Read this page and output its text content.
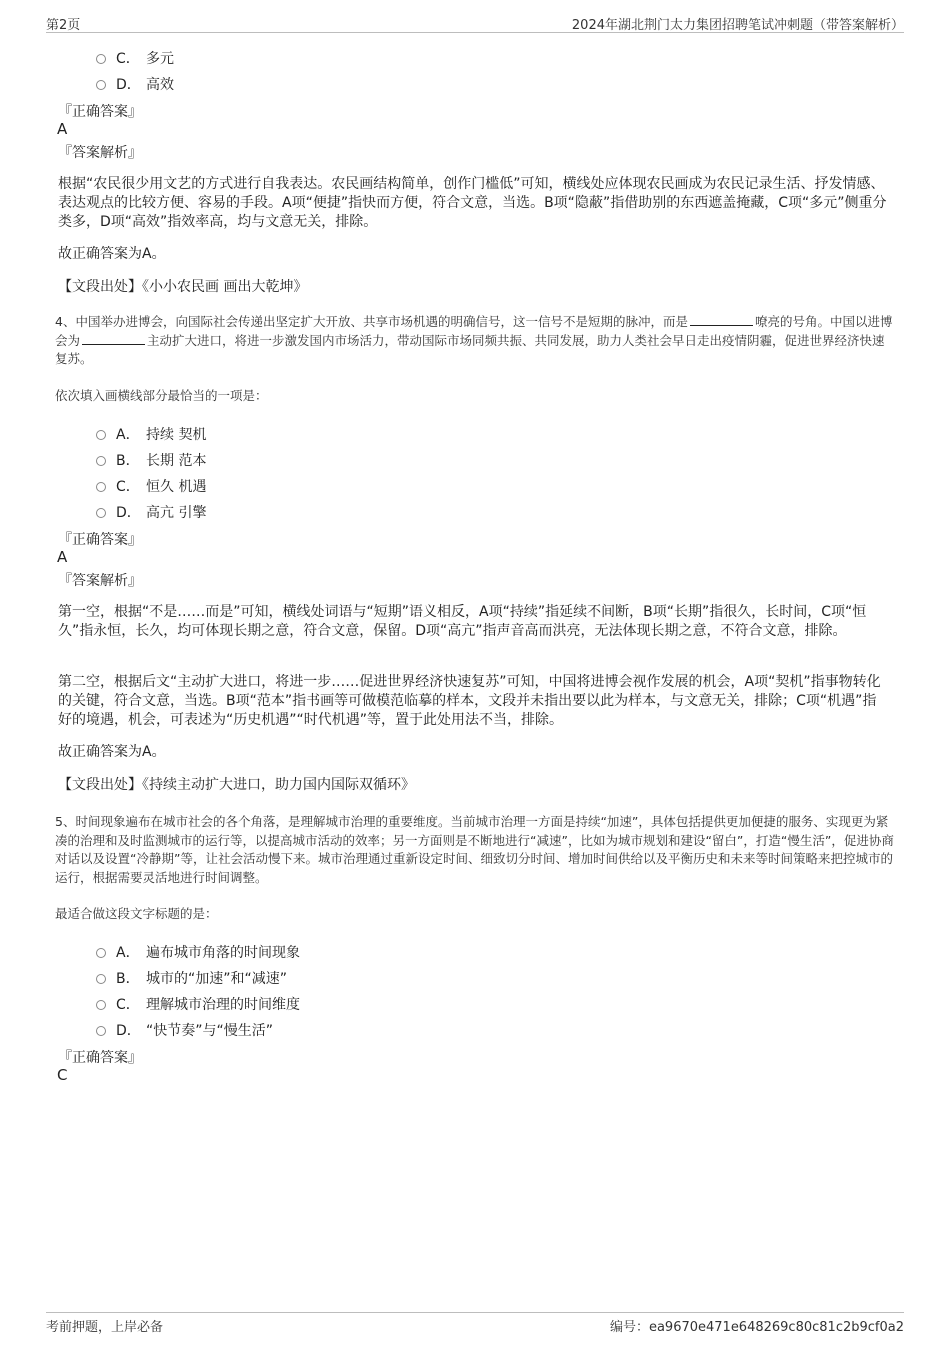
第2页	2024年湖北荆门太力集团招聘笔试冲刺题（带答案解析）
C． 多元
D． 高效
『正确答案』
A
『答案解析』
根据“农民很少用文艺的方式进行自我表达。农民画结构简单，创作门槛低”可知，横线处应体现农民画成为农民记录生活、抒发情感、表达观点的比较方便、容易的手段。A项“便捷”指快而方便，符合文意，当选。B项“隐蔽”指借助别的东西遮盖掩藏，C项“多元”侧重分类多，D项“高效”指效率高，均与文意无关，排除。
故正确答案为A。
【文段出处】《小小农民画 画出大乾坤》
4、中国举办进博会，向国际社会传递出坚定扩大开放、共享市场机遇的明确信号，这一信号不是短期的脉冲，而是	嘹亮的号角。中国以进博会为	主动扩大进口，将进一步激发国内市场活力，带动国际市场同频共振、共同发展，助力人类社会早日走出疫情阴霾，促进世界经济快速复苏。
依次填入画横线部分最恰当的一项是：
A． 持续 契机
B． 长期 范本
C． 恒久 机遇
D． 高亢 引擎
『正确答案』
A
『答案解析』
第一空，根据“不是……而是”可知，横线处词语与“短期”语义相反，A项“持续”指延续不间断，B项“长期”指很久，长时间，C项“恒久”指永恒，长久，均可体现长期之意，符合文意，保留。D项“高亢”指声音高而洪亮，无法体现长期之意，不符合文意，排除。
第二空，根据后文“主动扩大进口，将进一步……促进世界经济快速复苏”可知，中国将进博会视作发展的机会，A项“契机”指事物转化的关键，符合文意，当选。B项“范本”指书画等可做模范临摹的样本，文段并未指出要以此为样本，与文意无关，排除；C项“机遇”指好的境遇，机会，可表述为“历史机遇”“时代机遇”等，置于此处用法不当，排除。
故正确答案为A。
【文段出处】《持续主动扩大进口，助力国内国际双循环》
5、时间现象遍布在城市社会的各个角落，是理解城市治理的重要维度。当前城市治理一方面是持续“加速”，具体包括提供更加便捷的服务、实现更为紧凑的治理和及时监测城市的运行等，以提高城市活动的效率；另一方面则是不断地进行“减速”，比如为城市规划和建设“留白”，打造“慢生活”，促进协商对话以及设置“冷静期”等，让社会活动慢下来。城市治理通过重新设定时间、细致切分时间、增加时间供给以及平衡历史和未来等时间策略来把控城市的运行，根据需要灵活地进行时间调整。
最适合做这段文字标题的是：
A． 遍布城市角落的时间现象
B． 城市的“加速”和“减速”
C． 理解城市治理的时间维度
D． “快节奏”与“慢生活”
『正确答案』
C
考前押题，上岸必备	编号：ea9670e471e648269c80c81c2b9cf0a2
